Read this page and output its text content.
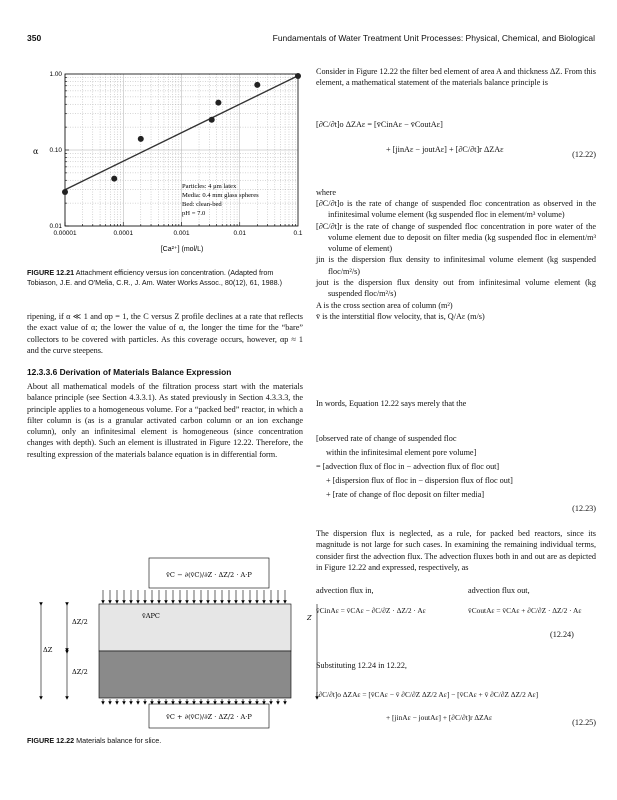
350	Fundamentals of Water Treatment Unit Processes: Physical, Chemical, and Biological
0.00001	0.0001	0.001	0.01	0.1
0.01
0.10
1.00
α
[Ca²⁺] (mol/L)
Particles: 4 μm latex
Media: 0.4 mm glass spheres
Bed: clean-bed
pH = 7.0
FIGURE 12.21 Attachment efficiency versus ion concentration. (Adapted from Tobiason, J.E. and O'Melia, C.R., J. Am. Water Works Assoc., 80(12), 61, 1988.)
ripening, if α ≪ 1 and αp = 1, the C versus Z profile declines at a rate that reflects the exact value of α; the lower the value of α, the longer the time for the “bare” collectors to be covered with particles. As this coverage occurs, however, αp ≈ 1 and the curve steepens.
12.3.3.6 Derivation of Materials Balance Expression
About all mathematical models of the filtration process start with the materials balance principle (see Section 4.3.3.1). As stated previously in Section 4.3.3.3, the principle applies to a homogeneous volume. For a “packed bed” reactor, in which a filter column is (as is a granular activated carbon column or an ion exchange column), only an infinitesimal element is homogeneous (since concentration changes with depth). Such an element is illustrated in Figure 12.22. Therefore, the resulting expression of the materials balance equation is in differential form.
v̄C − ∂(v̄C)/∂Z · ΔZ/2 · A·P
v̄APC
v̄C + ∂(v̄C)/∂Z · ΔZ/2 · A·P
ΔZ/2
ΔZ/2
ΔZ
Z
FIGURE 12.22 Materials balance for slice.
Consider in Figure 12.22 the filter bed element of area A and thickness ΔZ. From this element, a mathematical statement of the materials balance principle is
[∂C/∂t]o ΔZAε = [v̄CinAε − v̄CoutAε]
+ [jinAε − joutAε] + [∂C/∂t]r ΔZAε
(12.22)
where

[∂C/∂t]o is the rate of change of suspended floc concentration as observed in the infinitesimal volume element (kg suspended floc in element/m³ volume)

[∂C/∂t]r is the rate of change of suspended floc concentration in pore water of the volume element due to deposit on filter media (kg suspended floc in element/m³ volume of element)

jin is the dispersion flux density to infinitesimal volume element (kg suspended floc/m²/s)

jout is the dispersion flux density out from infinitesimal volume element (kg suspended floc/m²/s)

A is the cross section area of column (m²)

v̄ is the interstitial flow velocity, that is, Q/Aε (m/s)

In words, Equation 12.22 says merely that the
[observed rate of change of suspended floc
within the infinitesimal element pore volume]
= [advection flux of floc in − advection flux of floc out]
+ [dispersion flux of floc in − dispersion flux of floc out]
+ [rate of change of floc deposit on filter media]
(12.23)
The dispersion flux is neglected, as a rule, for packed bed reactors, since its magnitude is not large for such cases. In examining the remaining individual terms, consider first the advection flux. The advection fluxes both in and out are as depicted in Figure 12.22 and expressed, respectively, as
advection flux in,	advection flux out,
v̄CinAε = v̄CAε − ∂C/∂Z · ΔZ/2 · Aε	v̄CoutAε = v̄CAε + ∂C/∂Z · ΔZ/2 · Aε
(12.24)
Substituting 12.24 in 12.22,
[∂C/∂t]o ΔZAε = [v̄CAε − v̄ ∂C/∂Z ΔZ/2 Aε] − [v̄CAε + v̄ ∂C/∂Z ΔZ/2 Aε]
+ [jinAε − joutAε] + [∂C/∂t]r ΔZAε
(12.25)
